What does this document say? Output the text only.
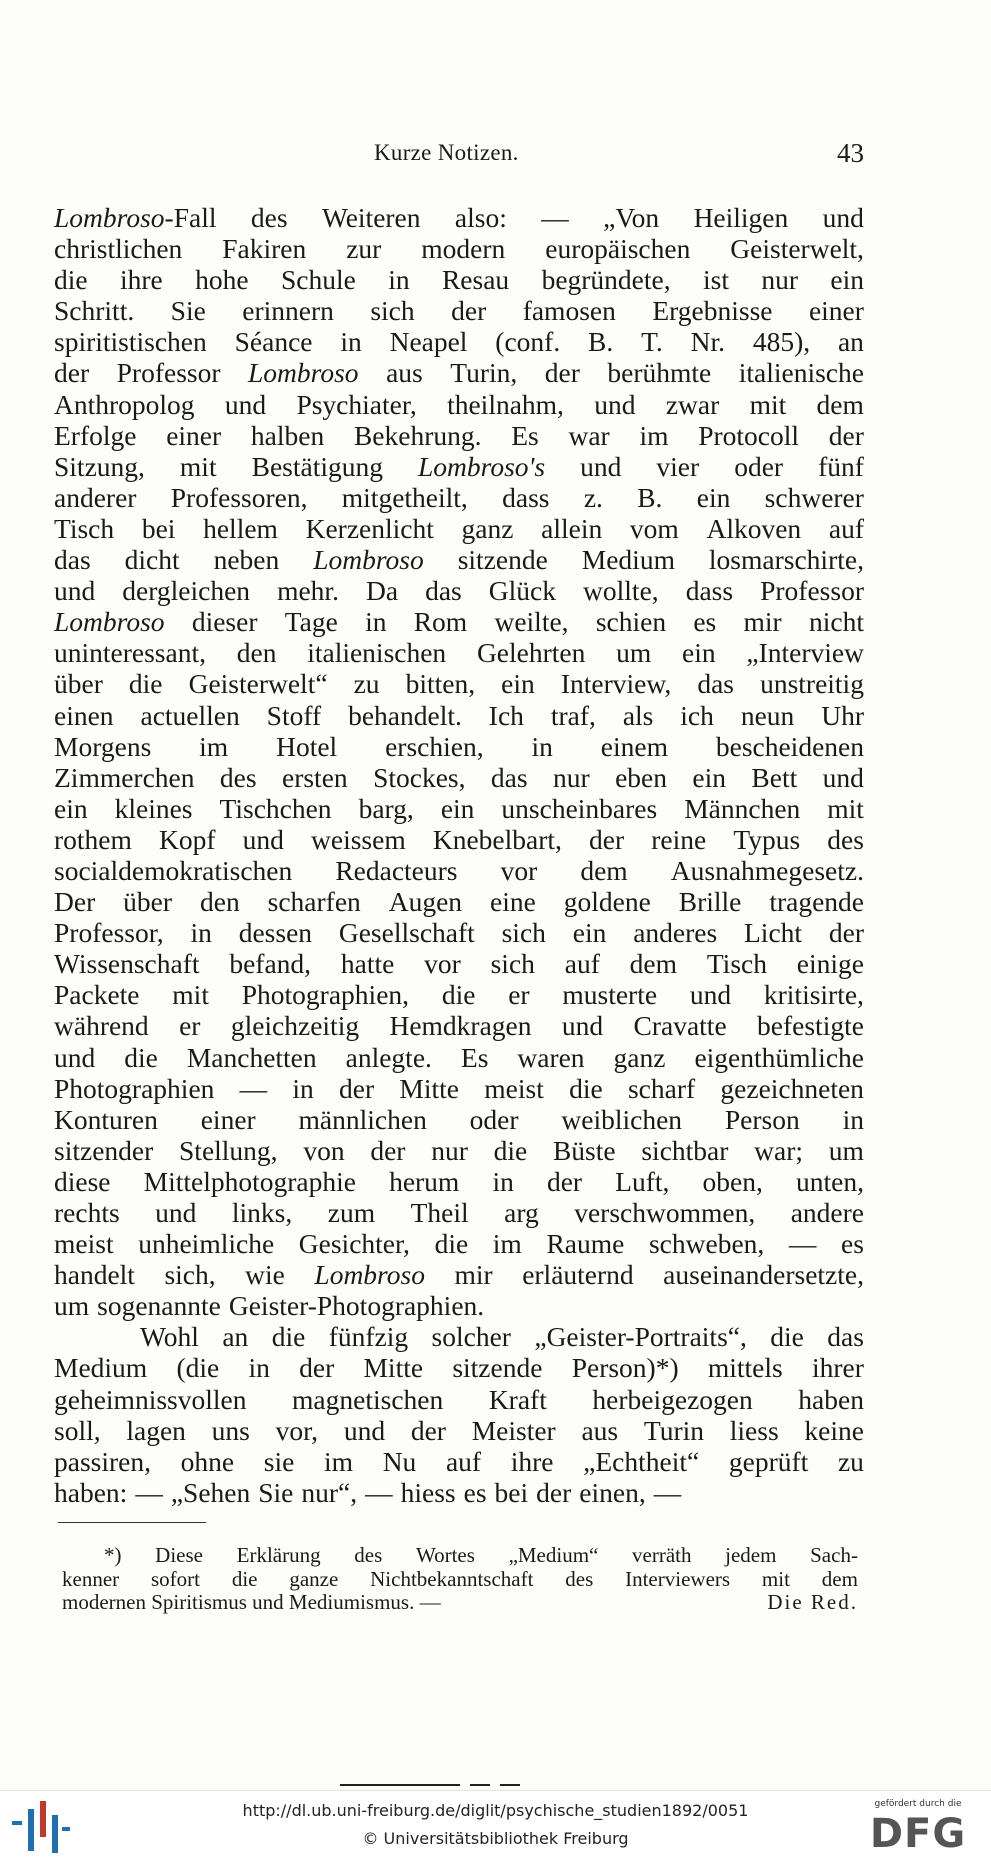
Kurze Notizen.	43
Lombroso-Fall des Weiteren also: — „Von Heiligen und
christlichen Fakiren zur modern europäischen Geisterwelt,
die ihre hohe Schule in Resau begründete, ist nur ein
Schritt. Sie erinnern sich der famosen Ergebnisse einer
spiritistischen Séance in Neapel (conf. B. T. Nr. 485), an
der Professor Lombroso aus Turin, der berühmte italienische
Anthropolog und Psychiater, theilnahm, und zwar mit dem
Erfolge einer halben Bekehrung. Es war im Protocoll der
Sitzung, mit Bestätigung Lombroso's und vier oder fünf
anderer Professoren, mitgetheilt, dass z. B. ein schwerer
Tisch bei hellem Kerzenlicht ganz allein vom Alkoven auf
das dicht neben Lombroso sitzende Medium losmarschirte,
und dergleichen mehr. Da das Glück wollte, dass Professor
Lombroso dieser Tage in Rom weilte, schien es mir nicht
uninteressant, den italienischen Gelehrten um ein „Interview
über die Geisterwelt“ zu bitten, ein Interview, das unstreitig
einen actuellen Stoff behandelt. Ich traf, als ich neun Uhr
Morgens im Hotel erschien, in einem bescheidenen
Zimmerchen des ersten Stockes, das nur eben ein Bett und
ein kleines Tischchen barg, ein unscheinbares Männchen mit
rothem Kopf und weissem Knebelbart, der reine Typus des
socialdemokratischen Redacteurs vor dem Ausnahmegesetz.
Der über den scharfen Augen eine goldene Brille tragende
Professor, in dessen Gesellschaft sich ein anderes Licht der
Wissenschaft befand, hatte vor sich auf dem Tisch einige
Packete mit Photographien, die er musterte und kritisirte,
während er gleichzeitig Hemdkragen und Cravatte befestigte
und die Manchetten anlegte. Es waren ganz eigenthümliche
Photographien — in der Mitte meist die scharf gezeichneten
Konturen einer männlichen oder weiblichen Person in
sitzender Stellung, von der nur die Büste sichtbar war; um
diese Mittelphotographie herum in der Luft, oben, unten,
rechts und links, zum Theil arg verschwommen, andere
meist unheimliche Gesichter, die im Raume schweben, — es
handelt sich, wie Lombroso mir erläuternd auseinandersetzte,
um sogenannte Geister-Photographien.
Wohl an die fünfzig solcher „Geister-Portraits“, die das
Medium (die in der Mitte sitzende Person)*) mittels ihrer
geheimnissvollen magnetischen Kraft herbeigezogen haben
soll, lagen uns vor, und der Meister aus Turin liess keine
passiren, ohne sie im Nu auf ihre „Echtheit“ geprüft zu
haben: — „Sehen Sie nur“, — hiess es bei der einen, —
*) Diese Erklärung des Wortes „Medium“ verräth jedem Sach-
kenner sofort die ganze Nichtbekanntschaft des Interviewers mit dem
modernen Spiritismus und Mediumismus. —	Die Red.
http://dl.ub.uni-freiburg.de/diglit/psychische_studien1892/0051
© Universitätsbibliothek Freiburg
gefördert durch die
DFG
